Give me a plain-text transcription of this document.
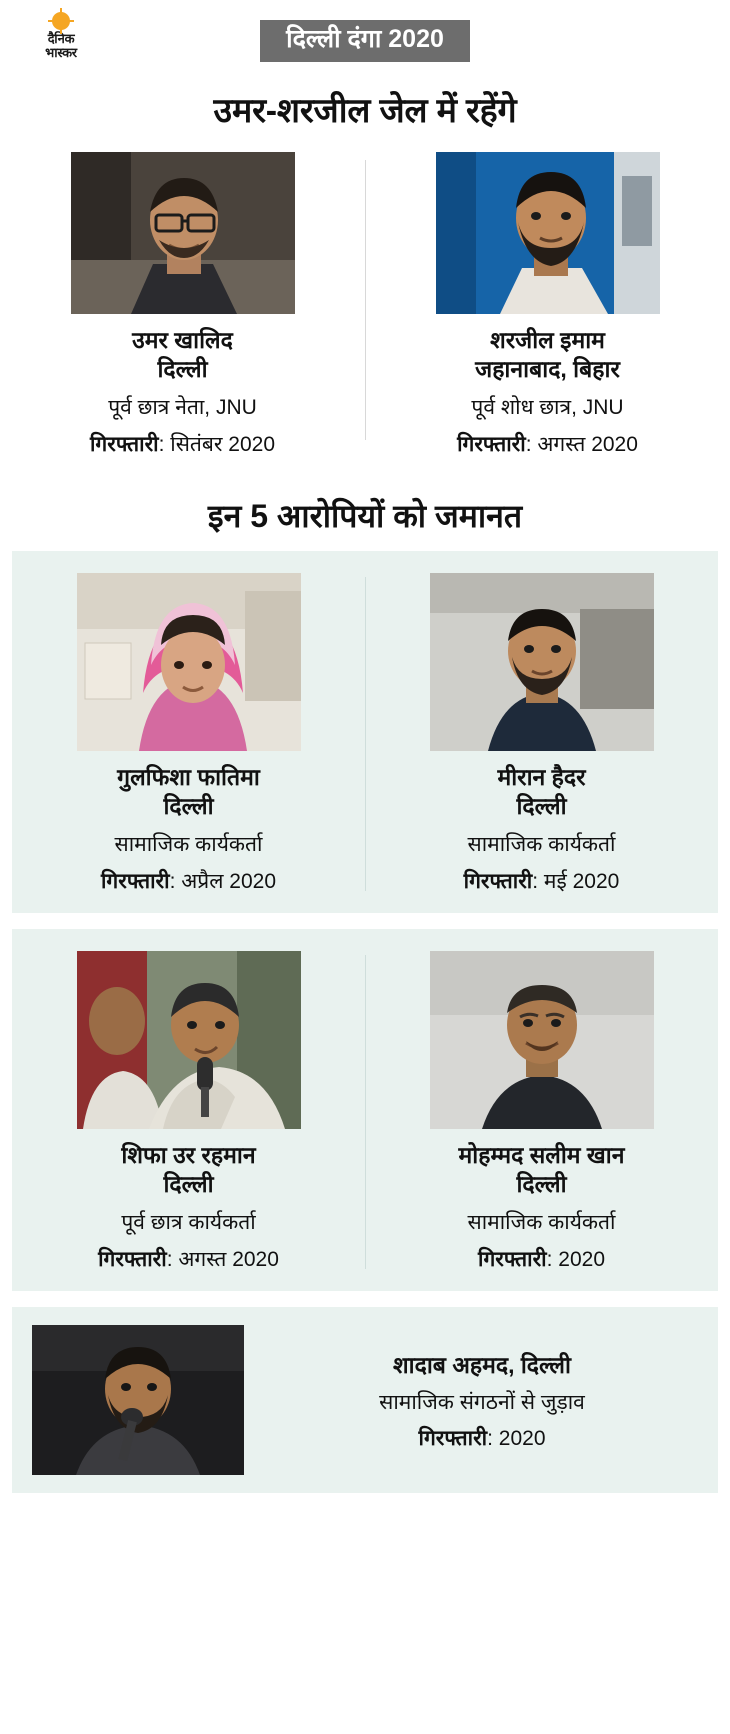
दैनिक
भास्कर	दिल्ली दंगा 2020
उमर-शरजील जेल में रहेंगे
उमर खालिद
दिल्ली
पूर्व छात्र नेता, JNU
गिरफ्तारी: सितंबर 2020
शरजील इमाम
जहानाबाद, बिहार
पूर्व शोध छात्र, JNU
गिरफ्तारी: अगस्त 2020
इन 5 आरोपियों को जमानत
गुलफिशा फातिमा
दिल्ली
सामाजिक कार्यकर्ता
गिरफ्तारी: अप्रैल 2020
मीरान हैदर
दिल्ली
सामाजिक कार्यकर्ता
गिरफ्तारी: मई 2020
शिफा उर रहमान
दिल्ली
पूर्व छात्र कार्यकर्ता
गिरफ्तारी: अगस्त 2020
मोहम्मद सलीम खान
दिल्ली
सामाजिक कार्यकर्ता
गिरफ्तारी: 2020
शादाब अहमद, दिल्ली
सामाजिक संगठनों से जुड़ाव
गिरफ्तारी: 2020
